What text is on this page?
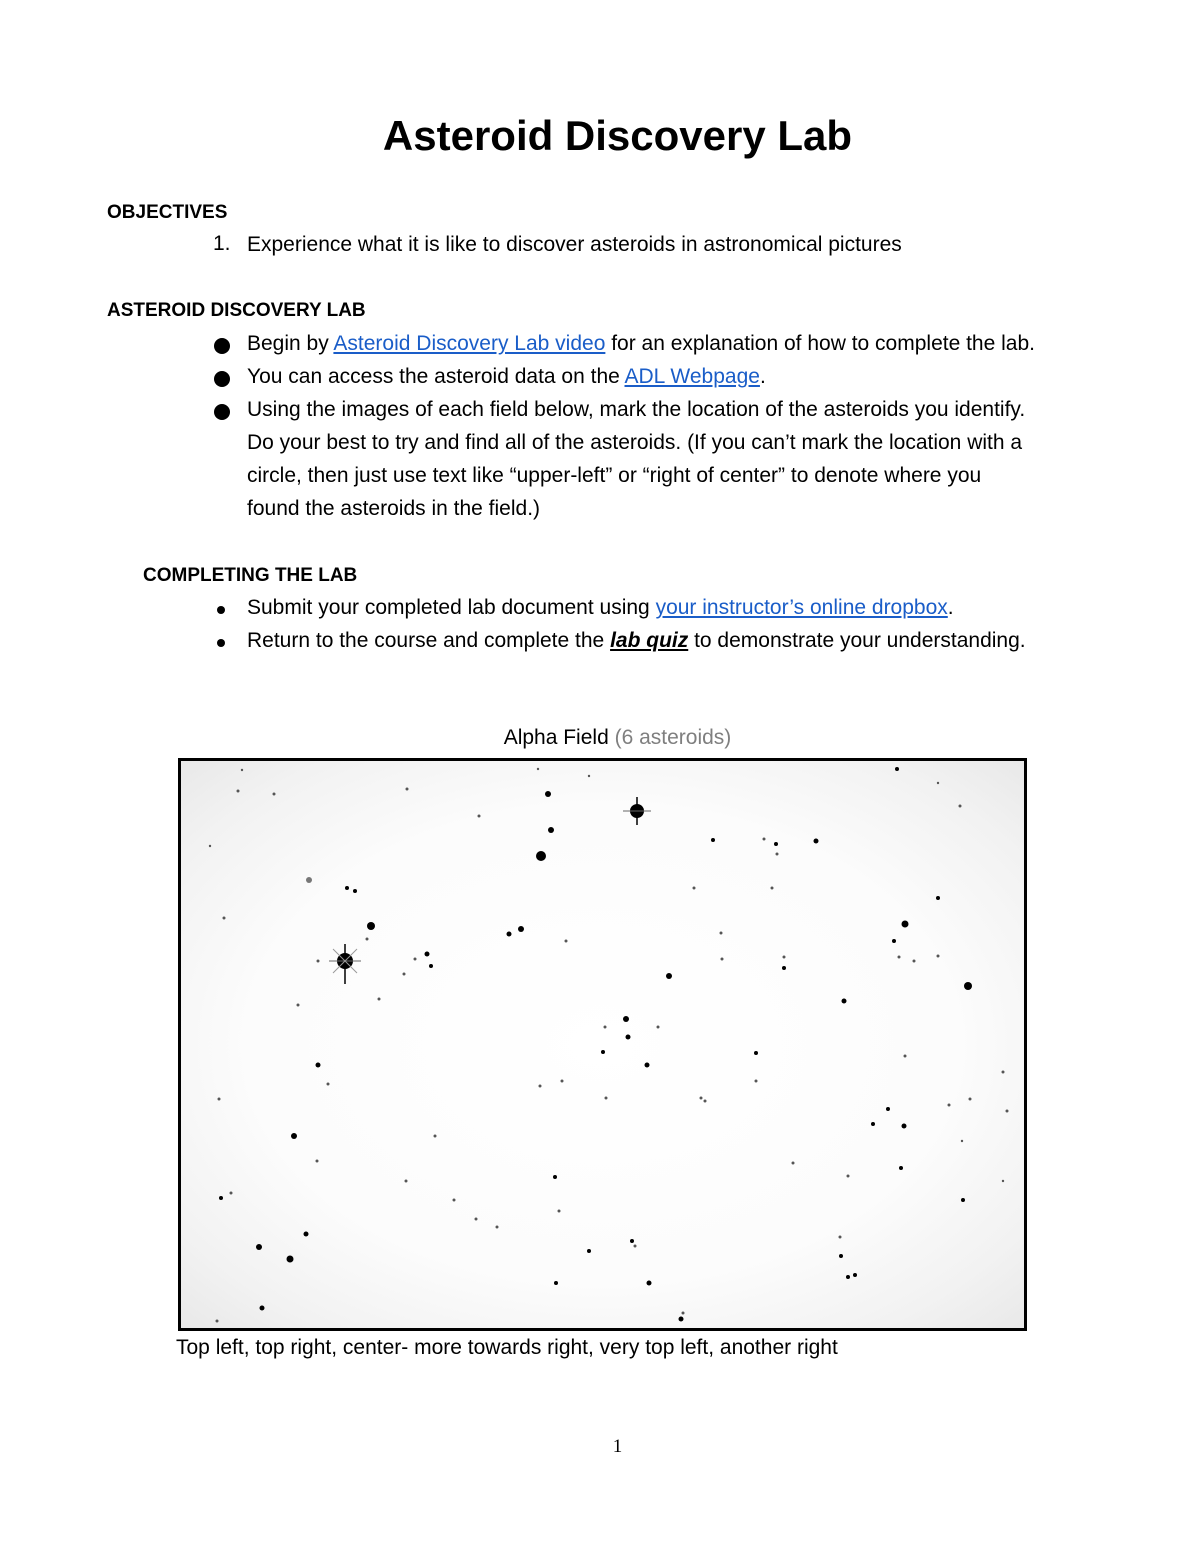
Asteroid Discovery Lab
OBJECTIVES
1. Experience what it is like to discover asteroids in astronomical pictures
ASTEROID DISCOVERY LAB
Begin by Asteroid Discovery Lab video for an explanation of how to complete the lab.
You can access the asteroid data on the ADL Webpage.
Using the images of each field below, mark the location of the asteroids you identify.
Do your best to try and find all of the asteroids. (If you can’t mark the location with a
circle, then just use text like “upper-left” or “right of center” to denote where you
found the asteroids in the field.)
COMPLETING THE LAB
Submit your completed lab document using your instructor’s online dropbox.
Return to the course and complete the lab quiz to demonstrate your understanding.
Alpha Field (6 asteroids)
Top left, top right, center- more towards right, very top left, another right
1
